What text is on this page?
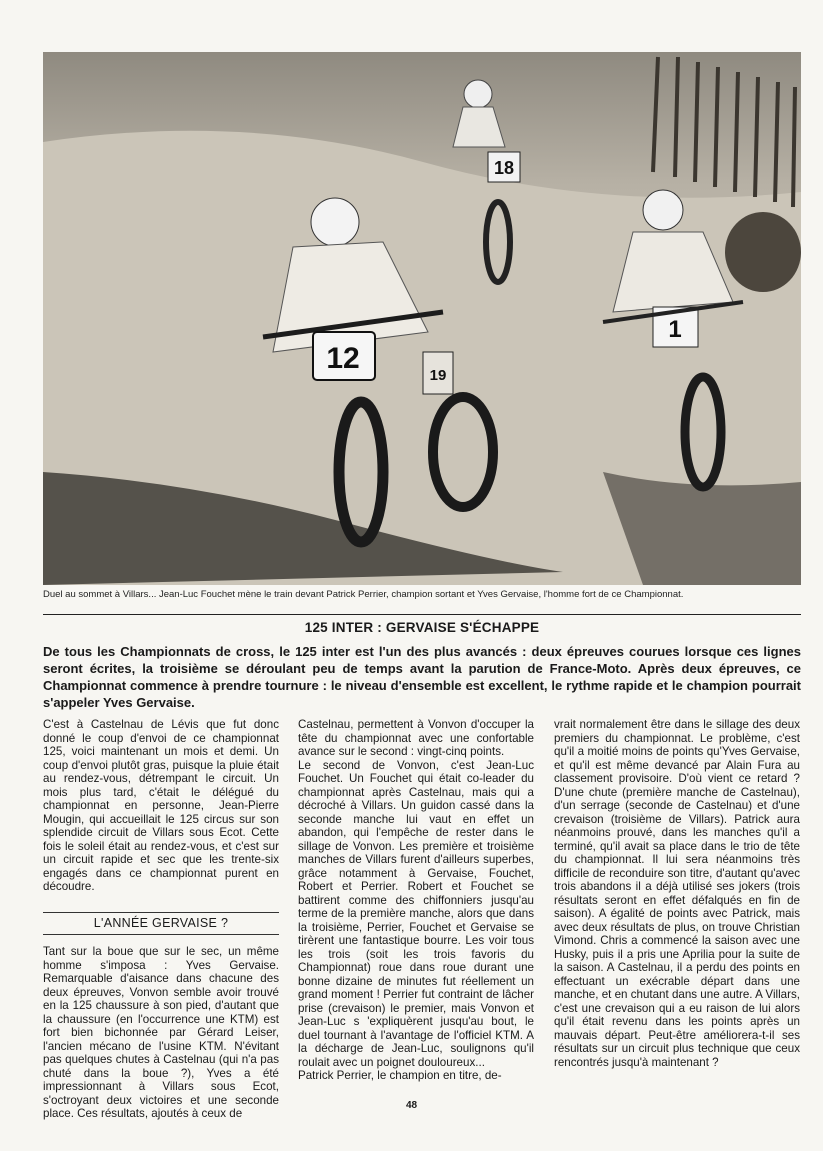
18
1
12
19
Duel au sommet à Villars... Jean-Luc Fouchet mène le train devant Patrick Perrier, champion sortant et Yves Gervaise, l'homme fort de ce Championnat.
125 INTER : GERVAISE S'ÉCHAPPE
De tous les Championnats de cross, le 125 inter est l'un des plus avancés : deux épreuves courues lorsque ces lignes seront écrites, la troisième se déroulant peu de temps avant la parution de France-Moto. Après deux épreuves, ce Championnat commence à prendre tournure : le niveau d'ensemble est excellent, le rythme rapide et le champion pourrait s'appeler Yves Gervaise.

C'est à Castelnau de Lévis que fut donc donné le coup d'envoi de ce championnat 125, voici maintenant un mois et demi. Un coup d'envoi plutôt gras, puisque la pluie était au rendez-vous, détrempant le circuit. Un mois plus tard, c'était le délégué du championnat en personne, Jean-Pierre Mougin, qui accueillait le 125 circus sur son splendide circuit de Villars sous Ecot. Cette fois le soleil était au rendez-vous, et c'est sur un circuit rapide et sec que les trente-six engagés dans ce championnat purent en découdre.

L'ANNÉE GERVAISE ?

Tant sur la boue que sur le sec, un même homme s'imposa : Yves Gervaise. Remarquable d'aisance dans chacune des deux épreuves, Vonvon semble avoir trouvé en la 125 chaussure à son pied, d'autant que la chaussure (en l'occurrence une KTM) est fort bien bichonnée par Gérard Leiser, l'ancien mécano de l'usine KTM. N'évitant pas quelques chutes à Castelnau (qui n'a pas chuté dans la boue ?), Yves a été impressionnant à Villars sous Ecot, s'octroyant deux victoires et une seconde place. Ces résultats, ajoutés à ceux de

Castelnau, permettent à Vonvon d'occuper la tête du championnat avec une confortable avance sur le second : vingt-cinq points.

Le second de Vonvon, c'est Jean-Luc Fouchet. Un Fouchet qui était co-leader du championnat après Castelnau, mais qui a décroché à Villars. Un guidon cassé dans la seconde manche lui vaut en effet un abandon, qui l'empêche de rester dans le sillage de Vonvon. Les première et troisième manches de Villars furent d'ailleurs superbes, grâce notamment à Gervaise, Fouchet, Robert et Perrier. Robert et Fouchet se battirent comme des chiffonniers jusqu'au terme de la première manche, alors que dans la troisième, Perrier, Fouchet et Gervaise se tirèrent une fantastique bourre. Les voir tous les trois (soit les trois favoris du Championnat) roue dans roue durant une bonne dizaine de minutes fut réellement un grand moment ! Perrier fut contraint de lâcher prise (crevaison) le premier, mais Vonvon et Jean-Luc s 'expliquèrent jusqu'au bout, le duel tournant à l'avantage de l'officiel KTM. A la décharge de Jean-Luc, soulignons qu'il roulait avec un poignet douloureux...

Patrick Perrier, le champion en titre, de-

vrait normalement être dans le sillage des deux premiers du championnat. Le problème, c'est qu'il a moitié moins de points qu'Yves Gervaise, et qu'il est même devancé par Alain Fura au classement provisoire. D'où vient ce retard ? D'une chute (première manche de Castelnau), d'un serrage (seconde de Castelnau) et d'une crevaison (troisième de Villars). Patrick aura néanmoins prouvé, dans les manches qu'il a terminé, qu'il avait sa place dans le trio de tête du championnat. Il lui sera néanmoins très difficile de reconduire son titre, d'autant qu'avec trois abandons il a déjà utilisé ses jokers (trois résultats seront en effet défalqués en fin de saison). A égalité de points avec Patrick, mais avec deux résultats de plus, on trouve Christian Vimond. Chris a commencé la saison avec une Husky, puis il a pris une Aprilia pour la suite de la saison. A Castelnau, il a perdu des points en effectuant un exécrable départ dans une manche, et en chutant dans une autre. A Villars, c'est une crevaison qui a eu raison de lui alors qu'il était revenu dans les points après un mauvais départ. Peut-être améliorera-t-il ses résultats sur un circuit plus technique que ceux rencontrés jusqu'à maintenant ?

48
